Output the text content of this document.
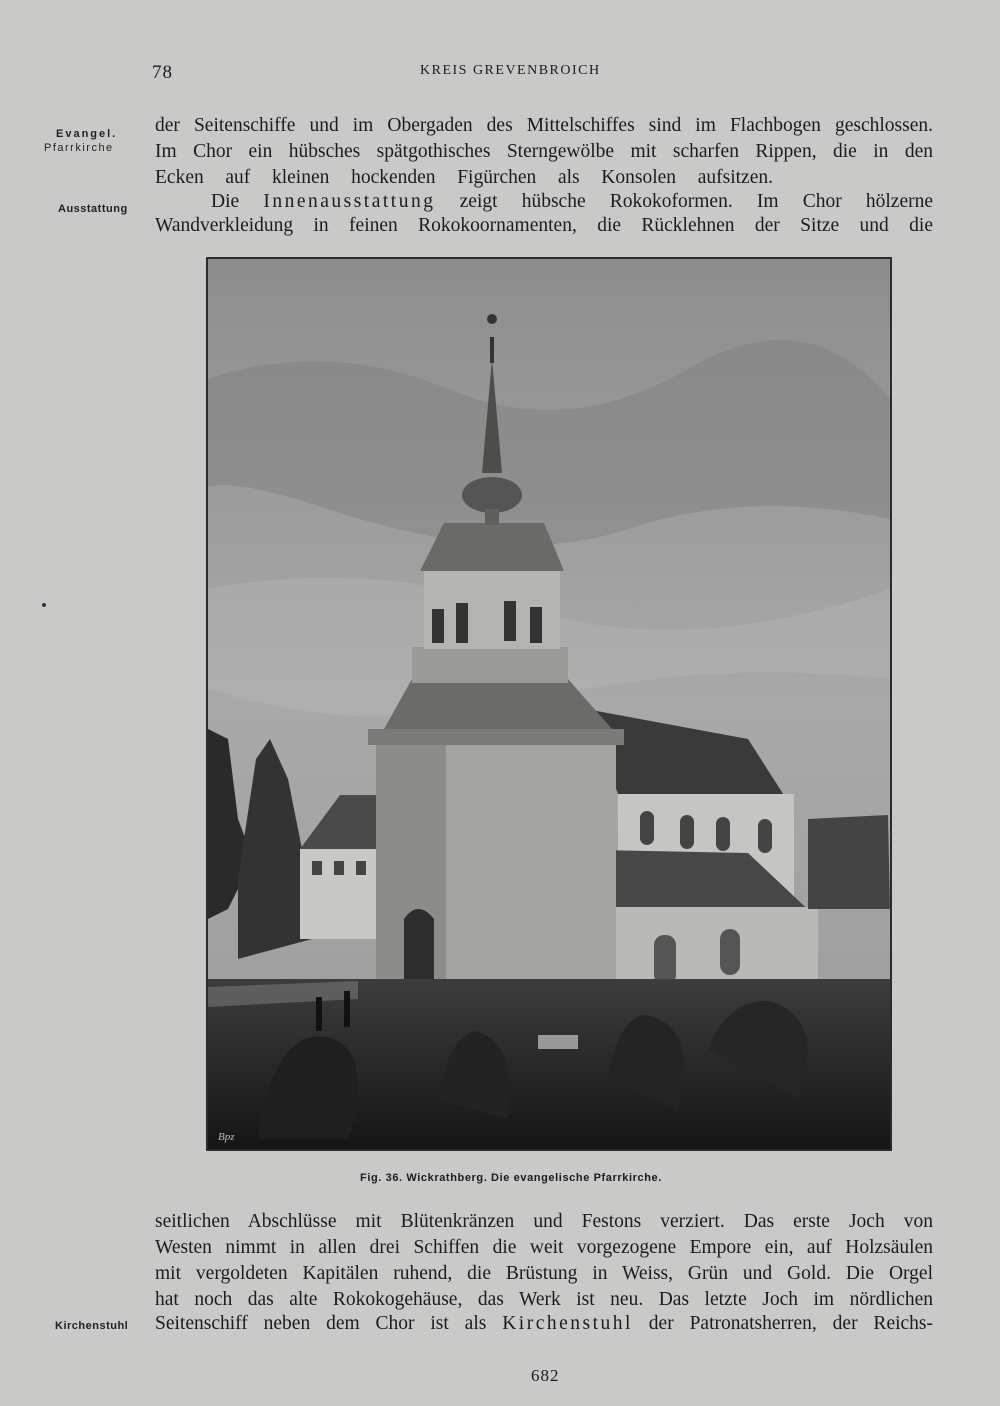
78	KREIS GREVENBROICH
Evangel.
Pfarrkirche
Ausstattung
Kirchenstuhl
der Seitenschiffe und im Obergaden des Mittelschiffes sind im Flachbogen geschlossen.
Im Chor ein hübsches spätgothisches Sterngewölbe mit scharfen Rippen, die in den
Ecken auf kleinen hockenden Figürchen als Konsolen aufsitzen.
Die Innenausstattung zeigt hübsche Rokokoformen. Im Chor hölzerne
Wandverkleidung in feinen Rokokoornamenten, die Rücklehnen der Sitze und die
Bpz
Fig. 36. Wickrathberg. Die evangelische Pfarrkirche.
seitlichen Abschlüsse mit Blütenkränzen und Festons verziert. Das erste Joch von
Westen nimmt in allen drei Schiffen die weit vorgezogene Empore ein, auf Holzsäulen
mit vergoldeten Kapitälen ruhend, die Brüstung in Weiss, Grün und Gold. Die Orgel
hat noch das alte Rokokogehäuse, das Werk ist neu. Das letzte Joch im nördlichen
Seitenschiff neben dem Chor ist als Kirchenstuhl der Patronatsherren, der Reichs-
682
